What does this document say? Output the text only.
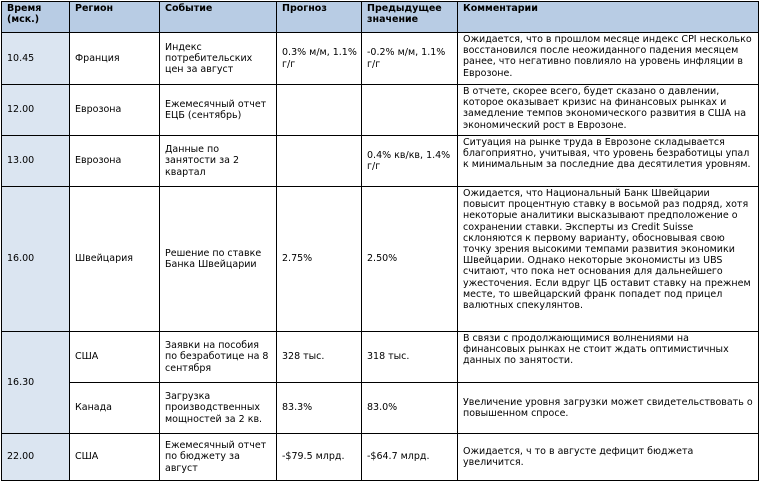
Время (мск.)	Регион	Событие	Прогноз	Предыдущее значение	Комментарии
10.45	Франция	Индекс потребительских цен за август	0.3% м/м, 1.1% г/г	-0.2% м/м, 1.1% г/г	Ожидается, что в прошлом месяце индекс CPI несколько восстановился после неожиданного падения месяцем ранее, что негативно повлияло на уровень инфляции в Еврозоне.
12.00	Еврозона	Ежемесячный отчет ЕЦБ (сентябрь)			В отчете, скорее всего, будет сказано о давлении, которое оказывает кризис на финансовых рынках и замедление темпов экономического развития в США на экономический рост в Еврозоне.
13.00	Еврозона	Данные по занятости за 2 квартал		0.4% кв/кв, 1.4% г/г	Ситуация на рынке труда в Еврозоне складывается благоприятно, учитывая, что уровень безработицы упал к минимальным за последние два десятилетия уровням.
16.00	Швейцария	Решение по ставке Банка Швейцарии	2.75%	2.50%	Ожидается, что Национальный Банк Швейцарии повысит процентную ставку в восьмой раз подряд, хотя некоторые аналитики высказывают предположение о сохранении ставки. Эксперты из Credit Suisse склоняются к первому варианту, обосновывая свою точку зрения высокими темпами развития экономики Швейцарии. Однако некоторые экономисты из UBS считают, что пока нет основания для дальнейшего ужесточения. Если вдруг ЦБ оставит ставку на прежнем месте, то швейцарский франк попадет под прицел валютных спекулянтов.
16.30	США	Заявки на пособия по безработице на 8 сентября	328 тыс.	318 тыс.	В связи с продолжающимися волнениями на финансовых рынках не стоит ждать оптимистичных данных по занятости.
	Канада	Загрузка производственных мощностей за 2 кв.	83.3%	83.0%	Увеличение уровня загрузки может свидетельствовать о повышенном спросе.
22.00	США	Ежемесячный отчет по бюджету за август	-$79.5 млрд.	-$64.7 млрд.	Ожидается, ч то в августе дефицит бюджета увеличится.
